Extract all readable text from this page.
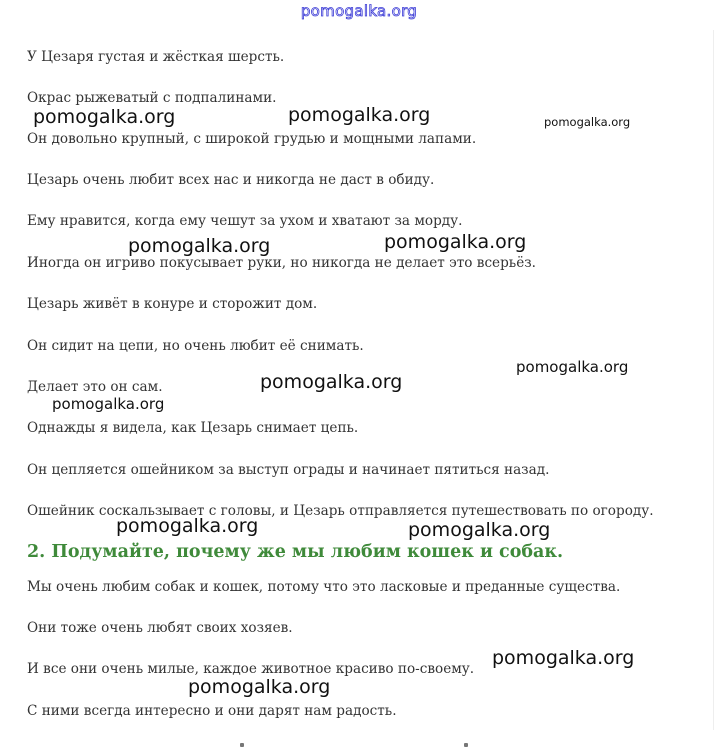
pomogalka.org
У Цезаря густая и жёсткая шерсть.
Окрас рыжеватый с подпалинами.
Он довольно крупный, с широкой грудью и мощными лапами.
Цезарь очень любит всех нас и никогда не даст в обиду.
Ему нравится, когда ему чешут за ухом и хватают за морду.
Иногда он игриво покусывает руки, но никогда не делает это всерьёз.
Цезарь живёт в конуре и сторожит дом.
Он сидит на цепи, но очень любит её снимать.
Делает это он сам.
Однажды я видела, как Цезарь снимает цепь.
Он цепляется ошейником за выступ ограды и начинает пятиться назад.
Ошейник соскальзывает с головы, и Цезарь отправляется путешествовать по огороду.
2. Подумайте, почему же мы любим кошек и собак.
Мы очень любим собак и кошек, потому что это ласковые и преданные существа.
Они тоже очень любят своих хозяев.
И все они очень милые, каждое животное красиво по-своему.
С ними всегда интересно и они дарят нам радость.
pomogalka.org	pomogalka.org	pomogalka.org
pomogalka.org	pomogalka.org
pomogalka.org
pomogalka.org
pomogalka.org
pomogalka.org	pomogalka.org
pomogalka.org
pomogalka.org
